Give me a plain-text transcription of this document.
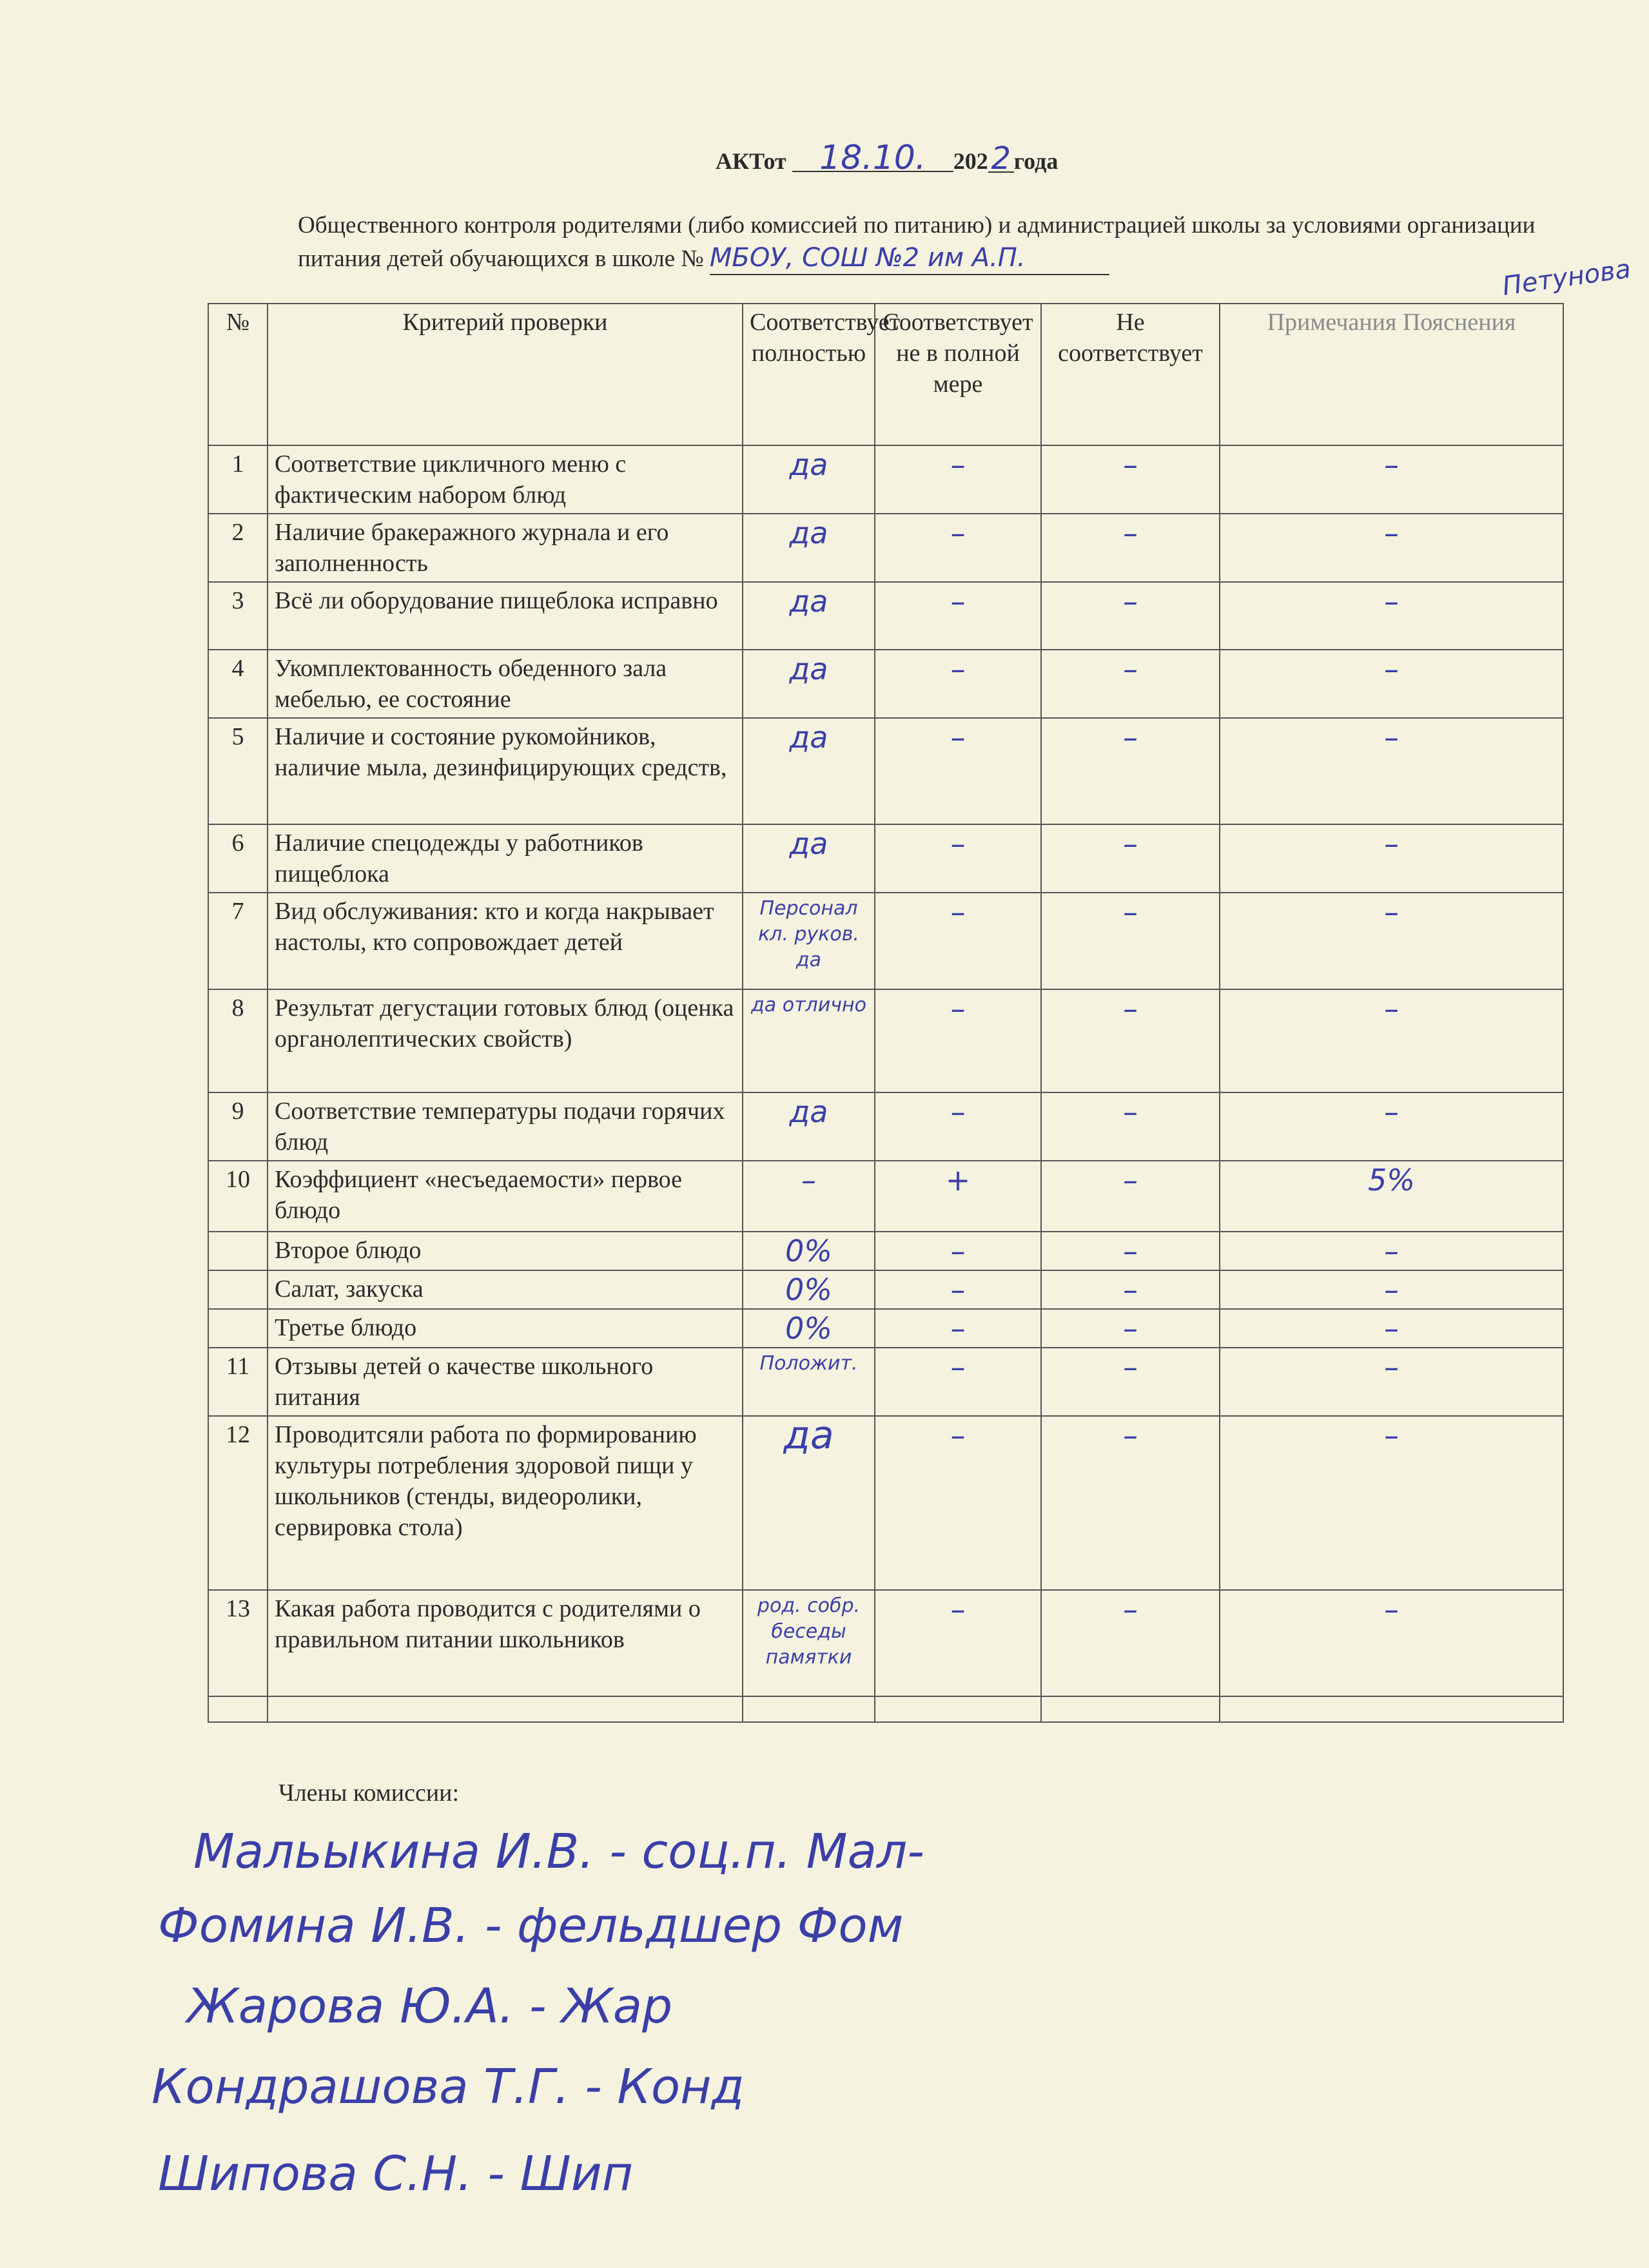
АКТот 18.10. 2022 года
Общественного контроля родителями (либо комиссией по питанию) и администрацией школы за условиями организации питания детей обучающихся в школе № МБОУ, СОШ №2 им А.П.	Петунова
№	Критерий проверки	Соответствует полностью	Соответствует не в полной мере	Не соответствует	Примечания Пояснения
1	Соответствие цикличного меню с фактическим набором блюд	да	–	–	–
2	Наличие бракеражного журнала и его заполненность	да	–	–	–
3	Всё ли оборудование пищеблока исправно	да	–	–	–
4	Укомплектованность обеденного зала мебелью, ее состояние	да	–	–	–
5	Наличие и состояние рукомойников, наличие мыла, дезинфицирующих средств,	да	–	–	–
6	Наличие спецодежды у работников пищеблока	да	–	–	–
7	Вид обслуживания: кто и когда накрывает настолы, кто сопровождает детей	Персонал кл. руков. да	–	–	–
8	Результат дегустации готовых блюд (оценка органолептических свойств)	да отлично	–	–	–
9	Соответствие температуры подачи горячих блюд	да	–	–	–
10	Коэффициент «несъедаемости» первое блюдо	–	+	–	5%
	Второе блюдо	0%	–	–	–
	Салат, закуска	0%	–	–	–
	Третье блюдо	0%	–	–	–
11	Отзывы детей о качестве школьного питания	Положит.	–	–	–
12	Проводитсяли работа по формированию культуры потребления здоровой пищи у школьников (стенды, видеоролики, сервировка стола)	да	–	–	–
13	Какая работа проводится с родителями о правильном питании школьников	род. собр. беседы памятки	–	–	–

Члены комиссии:
Мальыкина И.В. - соц.п. Мал-
Фомина И.В. - фельдшер Фом
Жарова Ю.А. - Жар
Кондрашова Т.Г. - Конд
Шипова С.Н. - Шип
